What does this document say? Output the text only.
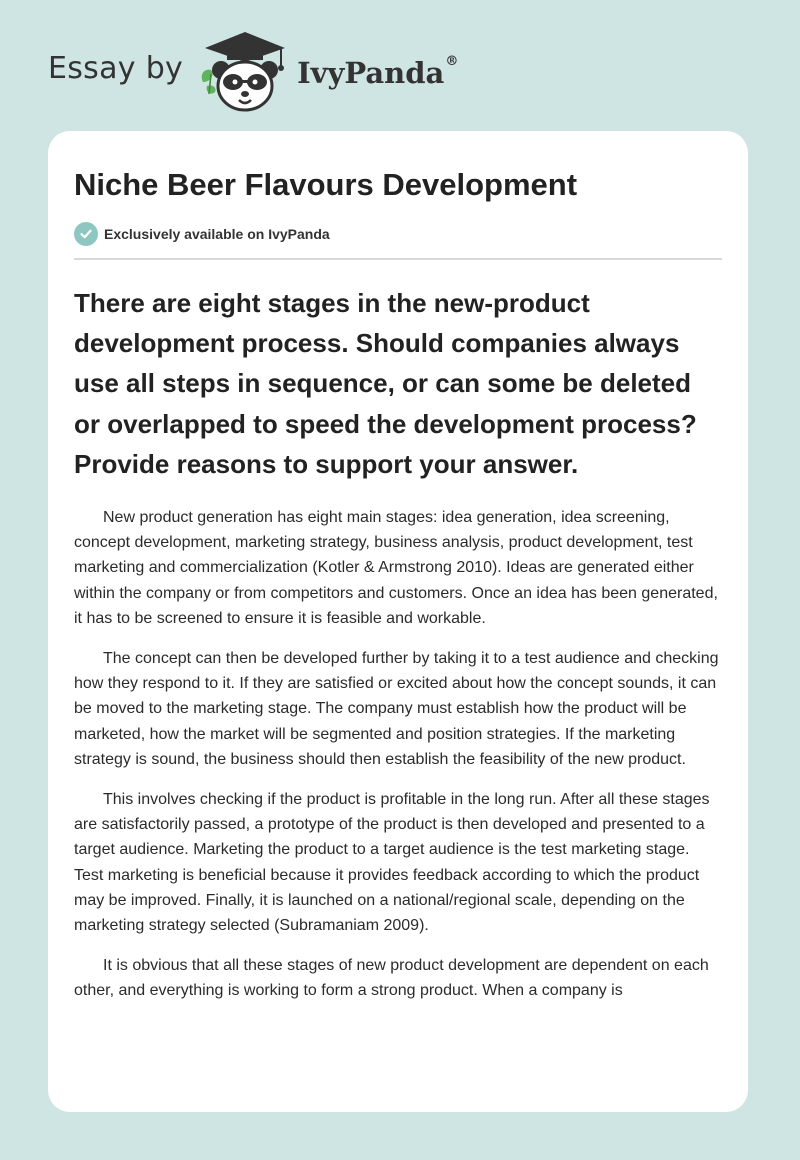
Essay by	IvyPanda®
Niche Beer Flavours Development
Exclusively available on IvyPanda
There are eight stages in the new-product development process. Should companies always use all steps in sequence, or can some be deleted or overlapped to speed the development process? Provide reasons to support your answer.

New product generation has eight main stages: idea generation, idea screening, concept development, marketing strategy, business analysis, product development, test marketing and commercialization (Kotler & Armstrong 2010). Ideas are generated either within the company or from competitors and customers. Once an idea has been generated, it has to be screened to ensure it is feasible and workable.

The concept can then be developed further by taking it to a test audience and checking how they respond to it. If they are satisfied or excited about how the concept sounds, it can be moved to the marketing stage. The company must establish how the product will be marketed, how the market will be segmented and position strategies. If the marketing strategy is sound, the business should then establish the feasibility of the new product.

This involves checking if the product is profitable in the long run. After all these stages are satisfactorily passed, a prototype of the product is then developed and presented to a target audience. Marketing the product to a target audience is the test marketing stage. Test marketing is beneficial because it provides feedback according to which the product may be improved. Finally, it is launched on a national/regional scale, depending on the marketing strategy selected (Subramaniam 2009).

It is obvious that all these stages of new product development are dependent on each other, and everything is working to form a strong product. When a company is
